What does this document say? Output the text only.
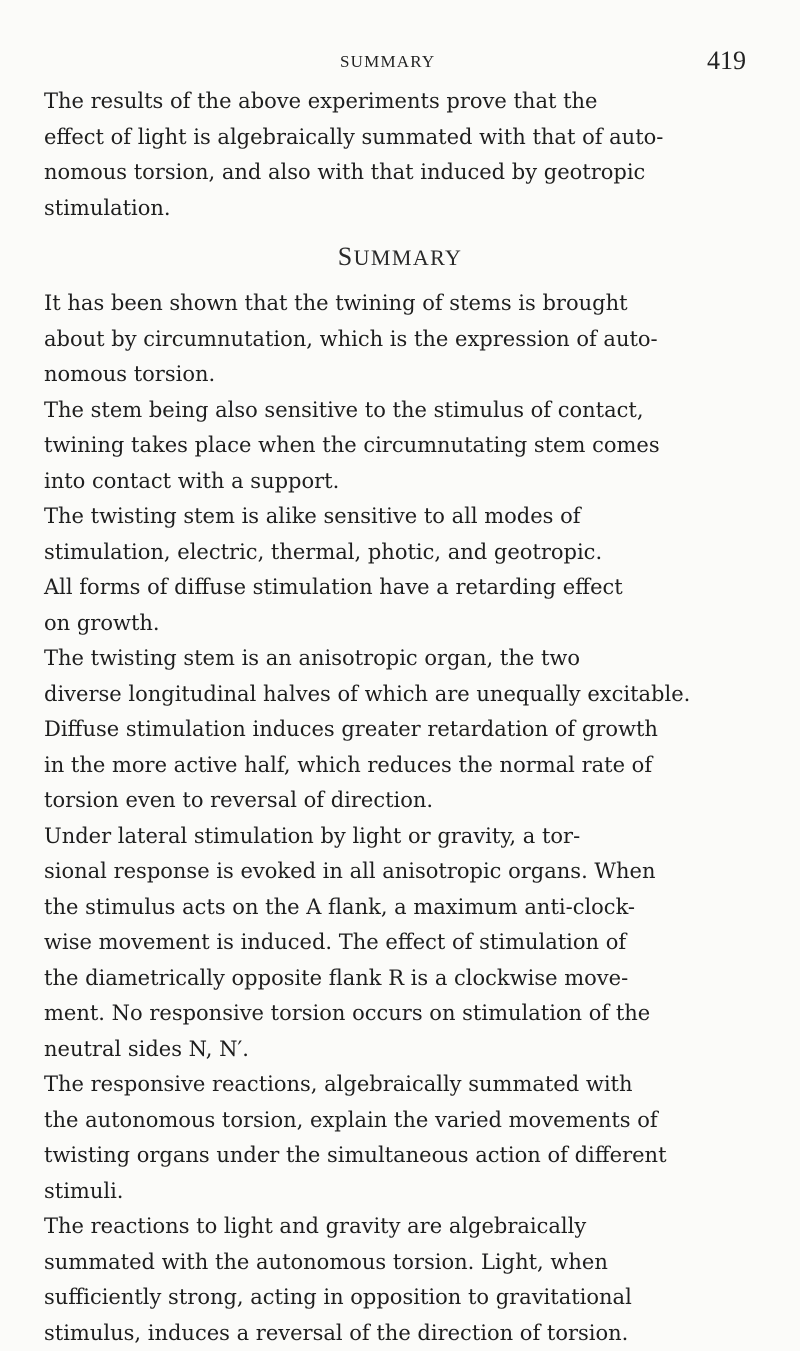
SUMMARY	419
The results of the above experiments prove that the
effect of light is algebraically summated with that of auto-
nomous torsion, and also with that induced by geotropic
stimulation.
SUMMARY
It has been shown that the twining of stems is brought
about by circumnutation, which is the expression of auto-
nomous torsion.
The stem being also sensitive to the stimulus of contact,
twining takes place when the circumnutating stem comes
into contact with a support.
The twisting stem is alike sensitive to all modes of
stimulation, electric, thermal, photic, and geotropic.
All forms of diffuse stimulation have a retarding effect
on growth.
The twisting stem is an anisotropic organ, the two
diverse longitudinal halves of which are unequally excitable.
Diffuse stimulation induces greater retardation of growth
in the more active half, which reduces the normal rate of
torsion even to reversal of direction.
Under lateral stimulation by light or gravity, a tor-
sional response is evoked in all anisotropic organs. When
the stimulus acts on the A flank, a maximum anti-clock-
wise movement is induced. The effect of stimulation of
the diametrically opposite flank R is a clockwise move-
ment. No responsive torsion occurs on stimulation of the
neutral sides N, N′.
The responsive reactions, algebraically summated with
the autonomous torsion, explain the varied movements of
twisting organs under the simultaneous action of different
stimuli.
The reactions to light and gravity are algebraically
summated with the autonomous torsion. Light, when
sufficiently strong, acting in opposition to gravitational
stimulus, induces a reversal of the direction of torsion.
